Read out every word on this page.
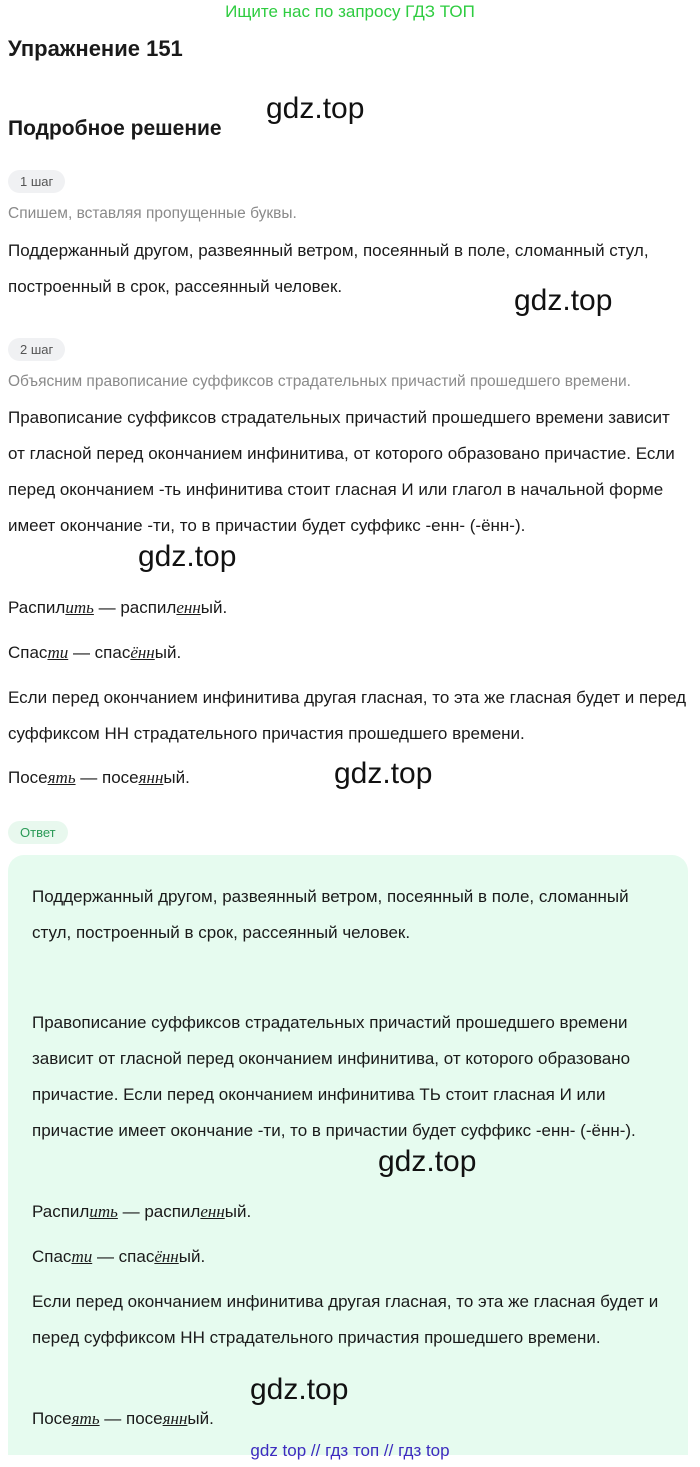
Ищите нас по запросу ГДЗ ТОП
Упражнение 151
gdz.top
Подробное решение
1 шаг
Спишем, вставляя пропущенные буквы.
Поддержанный другом, развеянный ветром, посеянный в поле, сломанный стул, построенный в срок, рассеянный человек.	gdz.top
2 шаг
Объясним правописание суффиксов страдательных причастий прошедшего времени.
Правописание суффиксов страдательных причастий прошедшего времени зависит от гласной перед окончанием инфинитива, от которого образовано причастие. Если перед окончанием -ть инфинитива стоит гласная И или глагол в начальной форме имеет окончание -ти, то в причастии будет суффикс -енн- (-ённ-).
gdz.top
Распилить — распиленный.
Спасти — спасённый.
Если перед окончанием инфинитива другая гласная, то эта же гласная будет и перед суффиксом НН страдательного причастия прошедшего времени.
gdz.top
Посеять — посеянный.
Ответ
Поддержанный другом, развеянный ветром, посеянный в поле, сломанный стул, построенный в срок, рассеянный человек.
Правописание суффиксов страдательных причастий прошедшего времени зависит от гласной перед окончанием инфинитива, от которого образовано причастие. Если перед окончанием инфинитива ТЬ стоит гласная И или причастие имеет окончание -ти, то в причастии будет суффикс -енн- (-ённ-).
gdz.top
Распилить — распиленный.
Спасти — спасённый.
Если перед окончанием инфинитива другая гласная, то эта же гласная будет и перед суффиксом НН страдательного причастия прошедшего времени.
gdz.top
Посеять — посеянный.
gdz top // гдз топ // гдз top
